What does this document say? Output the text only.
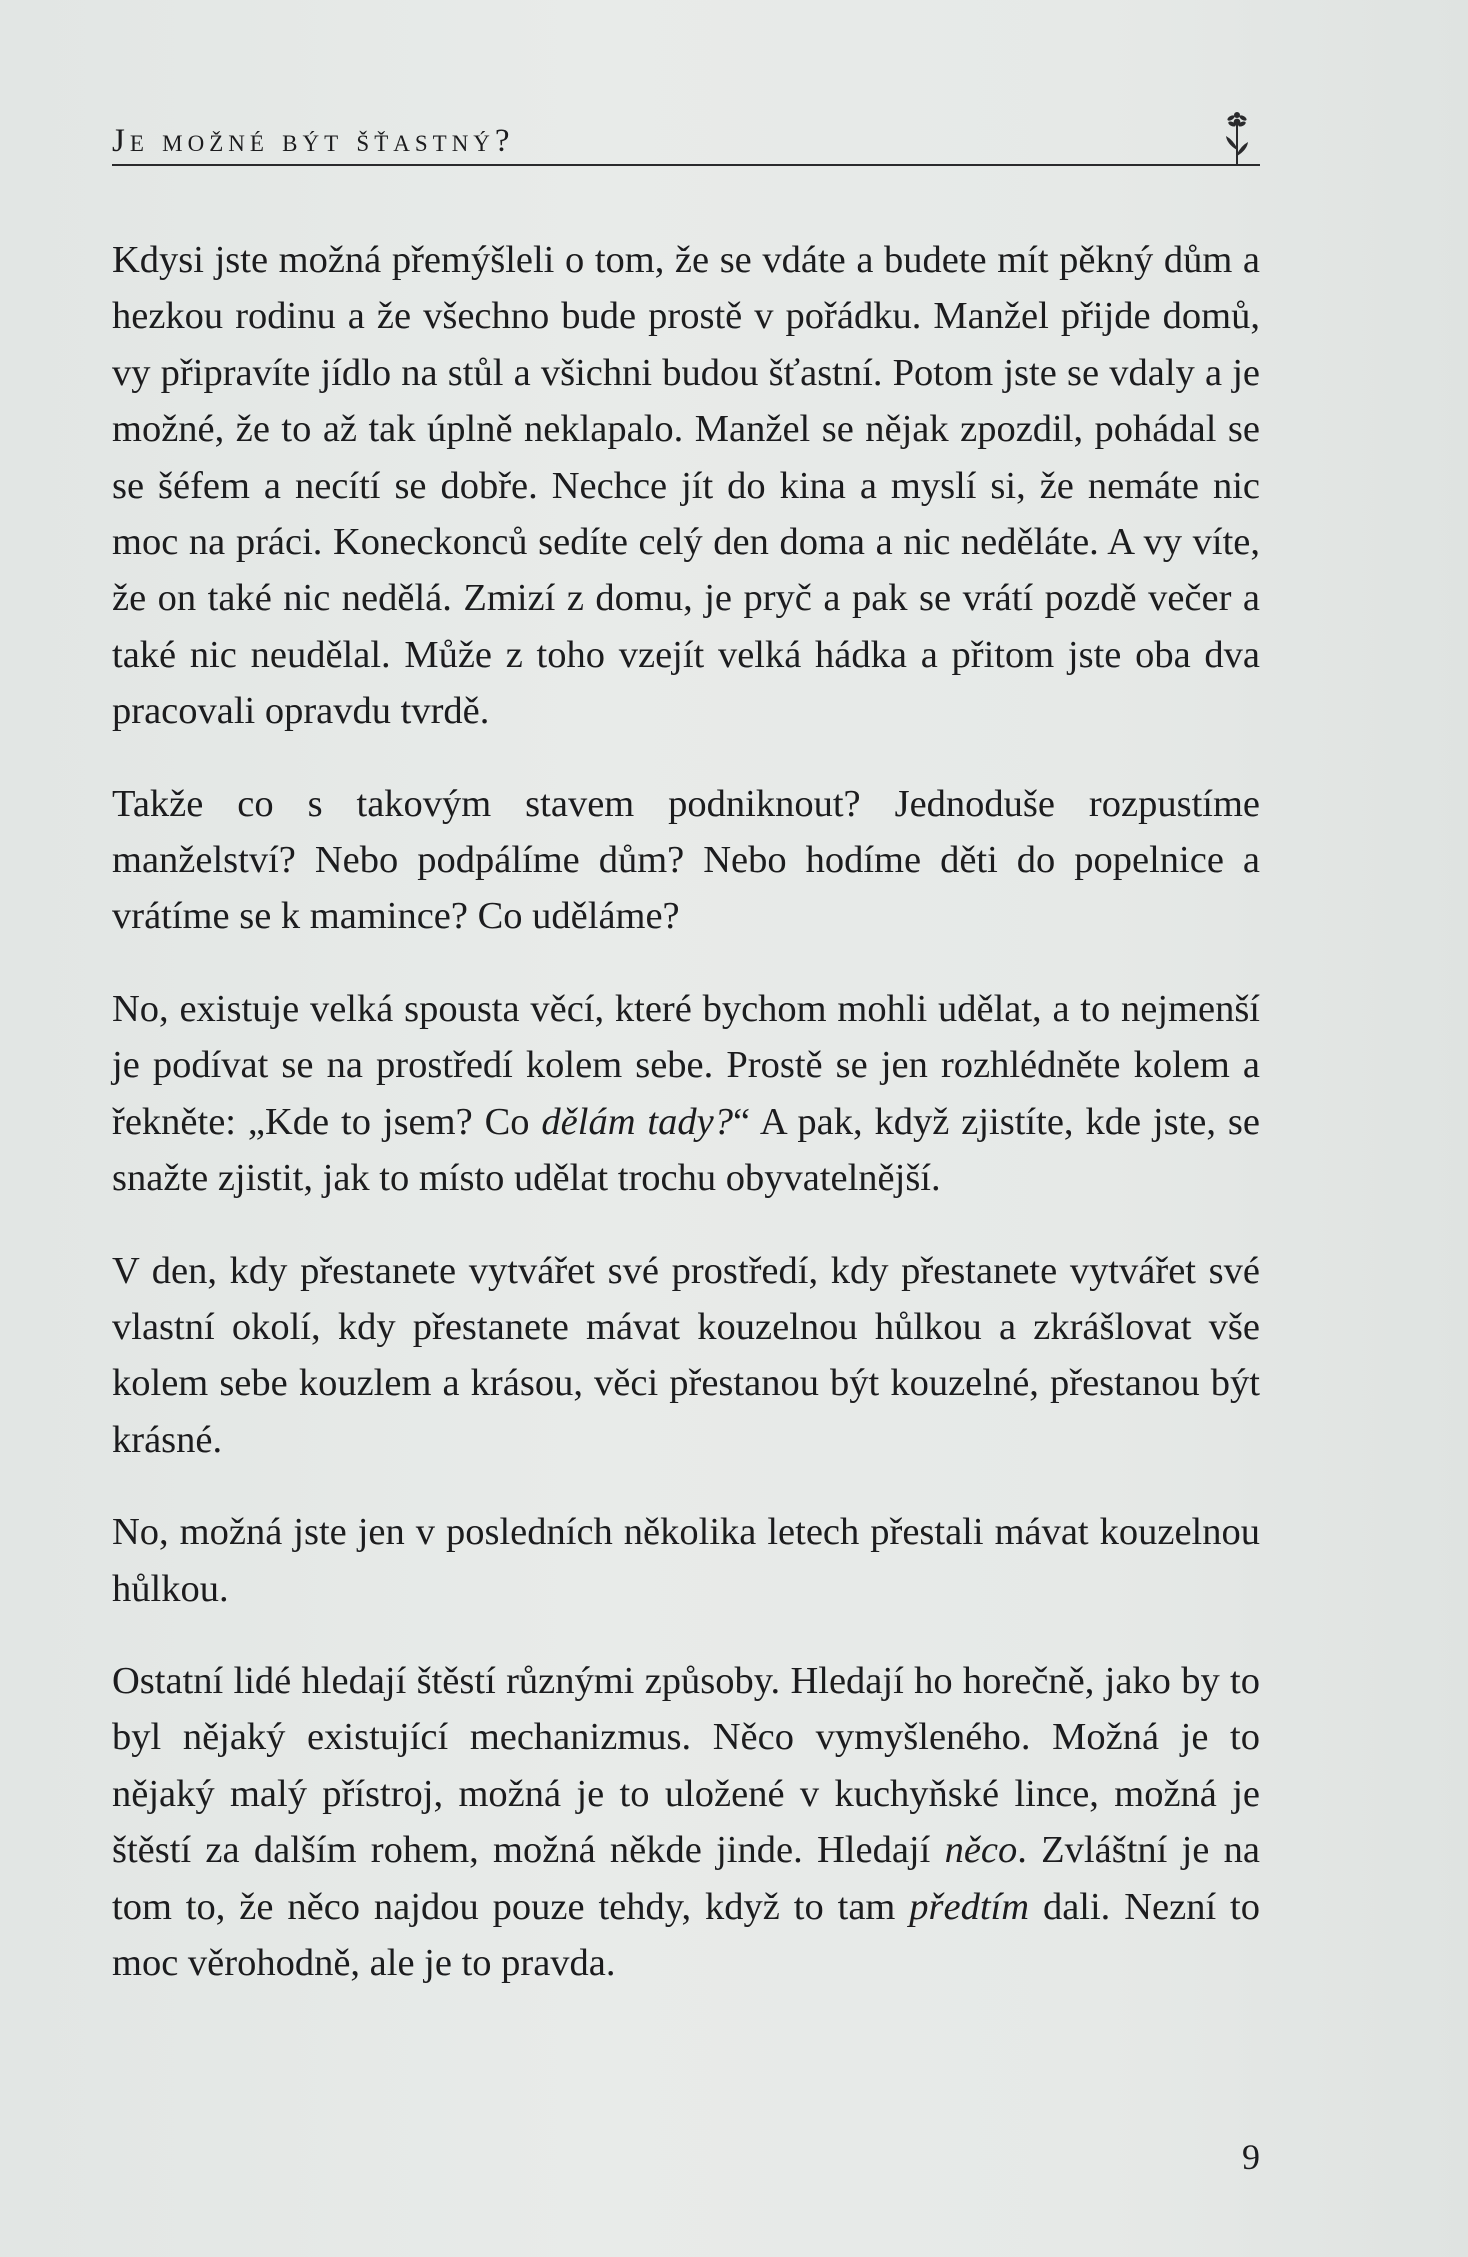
Je možné být šťastný?

Kdysi jste možná přemýšleli o tom, že se vdáte a budete mít pěkný dům a hezkou rodinu a že všechno bude prostě v pořádku. Manžel přijde domů, vy připravíte jídlo na stůl a všichni budou šťastní. Potom jste se vdaly a je možné, že to až tak úplně neklapalo. Manžel se nějak zpozdil, pohádal se se šéfem a necítí se dobře. Nechce jít do kina a myslí si, že nemáte nic moc na práci. Koneckonců sedíte celý den doma a nic neděláte. A vy víte, že on také nic nedělá. Zmizí z domu, je pryč a pak se vrátí pozdě večer a také nic neudělal. Může z toho vzejít velká hádka a přitom jste oba dva pracovali opravdu tvrdě.

Takže co s takovým stavem podniknout? Jednoduše rozpustíme manželství? Nebo podpálíme dům? Nebo hodíme děti do popelnice a vrátíme se k mamince? Co uděláme?

No, existuje velká spousta věcí, které bychom mohli udělat, a to nejmenší je podívat se na prostředí kolem sebe. Prostě se jen rozhlédněte kolem a řekněte: „Kde to jsem? Co dělám tady?“ A pak, když zjistíte, kde jste, se snažte zjistit, jak to místo udělat trochu obyvatelnější.

V den, kdy přestanete vytvářet své prostředí, kdy přestanete vytvářet své vlastní okolí, kdy přestanete mávat kouzelnou hůlkou a zkrášlovat vše kolem sebe kouzlem a krásou, věci přestanou být kouzelné, přestanou být krásné.

No, možná jste jen v posledních několika letech přestali mávat kouzelnou hůlkou.

Ostatní lidé hledají štěstí různými způsoby. Hledají ho horečně, jako by to byl nějaký existující mechanizmus. Něco vymyšleného. Možná je to nějaký malý přístroj, možná je to uložené v kuchyňské lince, možná je štěstí za dalším rohem, možná někde jinde. Hledají něco. Zvláštní je na tom to, že něco najdou pouze tehdy, když to tam předtím dali. Nezní to moc věrohodně, ale je to pravda.

9
